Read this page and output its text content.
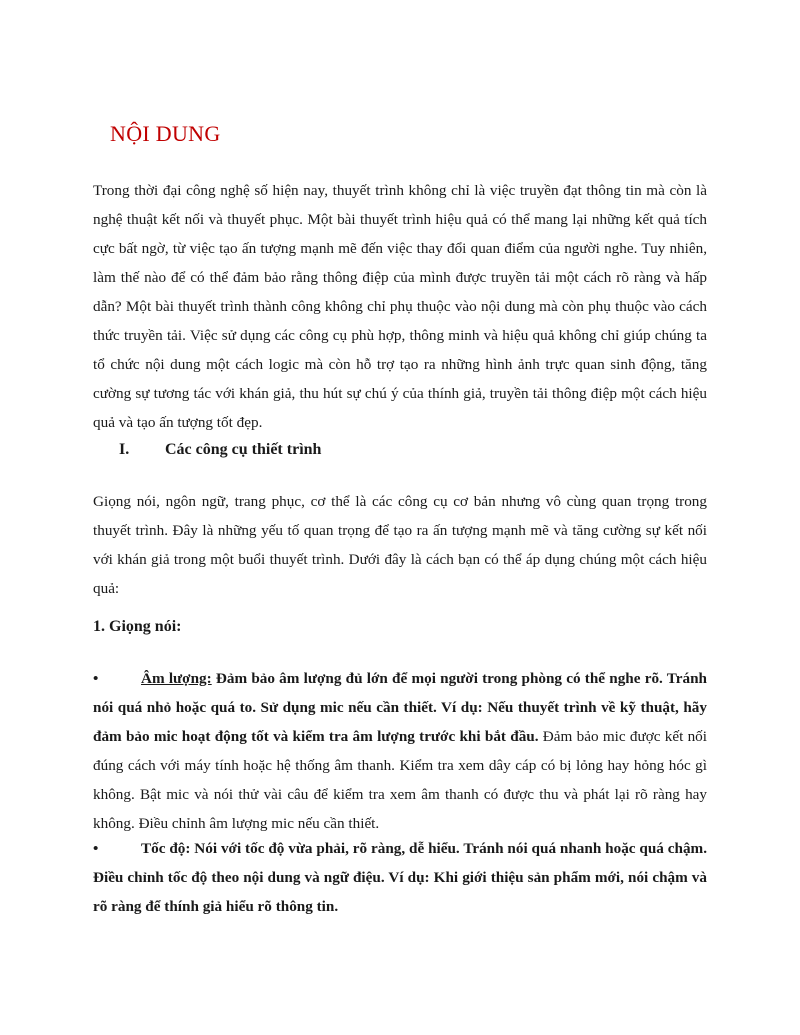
NỘI DUNG

Trong thời đại công nghệ số hiện nay, thuyết trình không chỉ là việc truyền đạt thông tin mà còn là nghệ thuật kết nối và thuyết phục. Một bài thuyết trình hiệu quả có thể mang lại những kết quả tích cực bất ngờ, từ việc tạo ấn tượng mạnh mẽ đến việc thay đổi quan điểm của người nghe. Tuy nhiên, làm thế nào để có thể đảm bảo rằng thông điệp của mình được truyền tải một cách rõ ràng và hấp dẫn? Một bài thuyết trình thành công không chỉ phụ thuộc vào nội dung mà còn phụ thuộc vào cách thức truyền tải. Việc sử dụng các công cụ phù hợp, thông minh và hiệu quả không chỉ giúp chúng ta tổ chức nội dung một cách logic mà còn hỗ trợ tạo ra những hình ảnh trực quan sinh động, tăng cường sự tương tác với khán giả, thu hút sự chú ý của thính giả, truyền tải thông điệp một cách hiệu quả và tạo ấn tượng tốt đẹp.

I. Các công cụ thiết trình

Giọng nói, ngôn ngữ, trang phục, cơ thể là các công cụ cơ bản nhưng vô cùng quan trọng trong thuyết trình. Đây là những yếu tố quan trọng để tạo ra ấn tượng mạnh mẽ và tăng cường sự kết nối với khán giả trong một buổi thuyết trình. Dưới đây là cách bạn có thể áp dụng chúng một cách hiệu quả:

1. Giọng nói:
•	Âm lượng: Đảm bảo âm lượng đủ lớn để mọi người trong phòng có thể nghe rõ. Tránh nói quá nhỏ hoặc quá to. Sử dụng mic nếu cần thiết. Ví dụ: Nếu thuyết trình về kỹ thuật, hãy đảm bảo mic hoạt động tốt và kiểm tra âm lượng trước khi bắt đầu. Đảm bảo mic được kết nối đúng cách với máy tính hoặc hệ thống âm thanh. Kiểm tra xem dây cáp có bị lỏng hay hỏng hóc gì không. Bật mic và nói thử vài câu để kiểm tra xem âm thanh có được thu và phát lại rõ ràng hay không. Điều chỉnh âm lượng mic nếu cần thiết.
•	Tốc độ: Nói với tốc độ vừa phải, rõ ràng, dễ hiểu. Tránh nói quá nhanh hoặc quá chậm. Điều chỉnh tốc độ theo nội dung và ngữ điệu. Ví dụ: Khi giới thiệu sản phẩm mới, nói chậm và rõ ràng để thính giả hiểu rõ thông tin.
